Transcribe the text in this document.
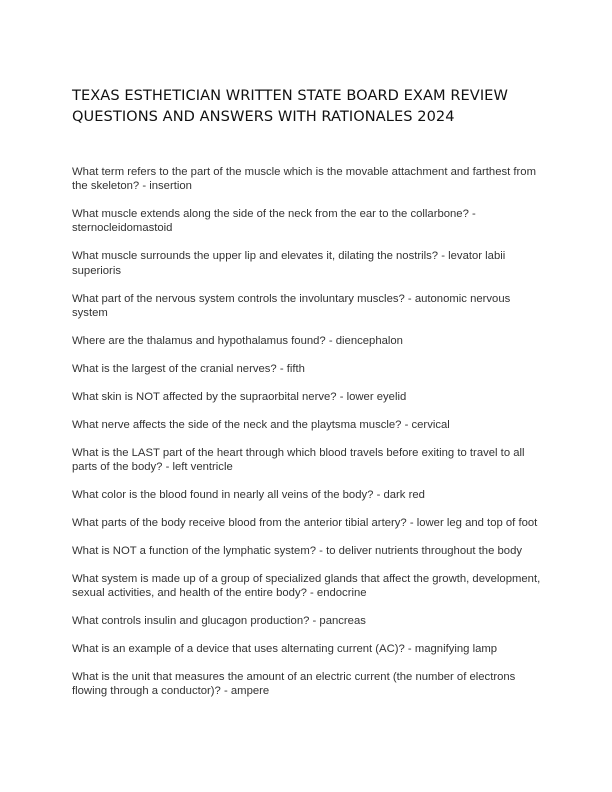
TEXAS ESTHETICIAN WRITTEN STATE BOARD EXAM REVIEW QUESTIONS AND ANSWERS WITH RATIONALES 2024
What term refers to the part of the muscle which is the movable attachment and farthest from the skeleton? - insertion
What muscle extends along the side of the neck from the ear to the collarbone? - sternocleidomastoid
What muscle surrounds the upper lip and elevates it, dilating the nostrils? - levator labii superioris
What part of the nervous system controls the involuntary muscles? - autonomic nervous system
Where are the thalamus and hypothalamus found? - diencephalon
What is the largest of the cranial nerves? - fifth
What skin is NOT affected by the supraorbital nerve? - lower eyelid
What nerve affects the side of the neck and the playtsma muscle? - cervical
What is the LAST part of the heart through which blood travels before exiting to travel to all parts of the body? - left ventricle
What color is the blood found in nearly all veins of the body? - dark red
What parts of the body receive blood from the anterior tibial artery? - lower leg and top of foot
What is NOT a function of the lymphatic system? - to deliver nutrients throughout the body
What system is made up of a group of specialized glands that affect the growth, development, sexual activities, and health of the entire body? - endocrine
What controls insulin and glucagon production? - pancreas
What is an example of a device that uses alternating current (AC)? - magnifying lamp
What is the unit that measures the amount of an electric current (the number of electrons flowing through a conductor)? - ampere
